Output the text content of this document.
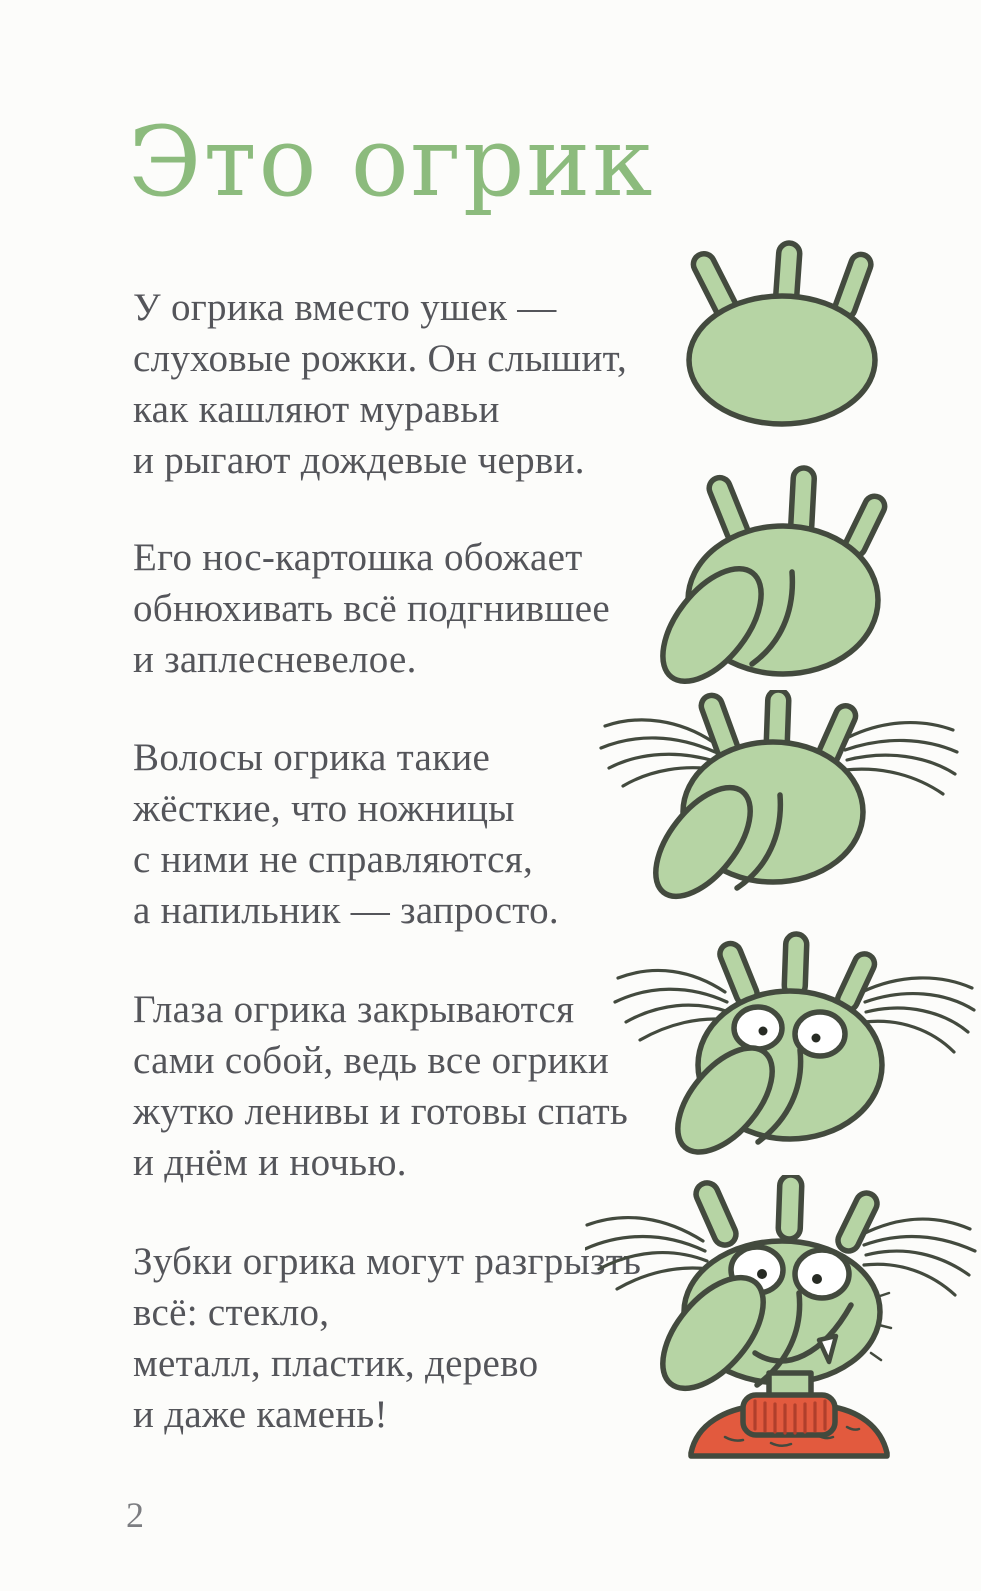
Это огрик
У огрика вместо ушек —
слуховые рожки. Он слышит,
как кашляют муравьи
и рыгают дождевые черви.
Его нос-картошка обожает
обнюхивать всё подгнившее
и заплесневелое.
Волосы огрика такие
жёсткие, что ножницы
с ними не справляются,
а напильник — запросто.
Глаза огрика закрываются
сами собой, ведь все огрики
жутко ленивы и готовы спать
и днём и ночью.
Зубки огрика могут разгрызть
всё: стекло,
металл, пластик, дерево
и даже камень!
2
